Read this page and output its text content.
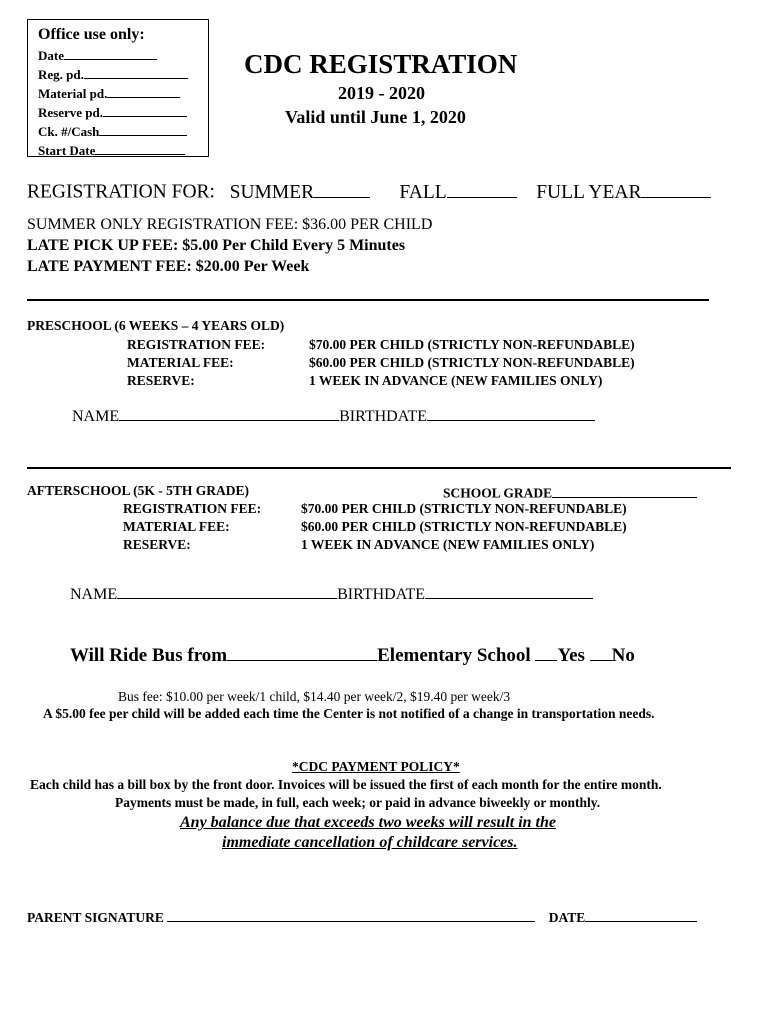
Office use only:
Date
Reg. pd.
Material pd.
Reserve pd.
Ck. #/Cash
Start Date
CDC REGISTRATION
2019 - 2020
Valid until June 1, 2020
REGISTRATION FOR: SUMMER	FALL	FULL YEAR
SUMMER ONLY REGISTRATION FEE: $36.00 PER CHILD
LATE PICK UP FEE: $5.00 Per Child Every 5 Minutes
LATE PAYMENT FEE: $20.00 Per Week
PRESCHOOL (6 WEEKS – 4 YEARS OLD)
REGISTRATION FEE:	$70.00 PER CHILD (STRICTLY NON-REFUNDABLE)
MATERIAL FEE:	$60.00 PER CHILD (STRICTLY NON-REFUNDABLE)
RESERVE:	1 WEEK IN ADVANCE (NEW FAMILIES ONLY)
NAME	BIRTHDATE
AFTERSCHOOL (5K - 5TH GRADE)	SCHOOL GRADE
REGISTRATION FEE:	$70.00 PER CHILD (STRICTLY NON-REFUNDABLE)
MATERIAL FEE:	$60.00 PER CHILD (STRICTLY NON-REFUNDABLE)
RESERVE:	1 WEEK IN ADVANCE (NEW FAMILIES ONLY)
NAME	BIRTHDATE
Will Ride Bus from	Elementary School Yes No
Bus fee: $10.00 per week/1 child, $14.40 per week/2, $19.40 per week/3
A $5.00 fee per child will be added each time the Center is not notified of a change in transportation needs.
*CDC PAYMENT POLICY*
Each child has a bill box by the front door. Invoices will be issued the first of each month for the entire month.
Payments must be made, in full, each week; or paid in advance biweekly or monthly.
Any balance due that exceeds two weeks will result in the
immediate cancellation of childcare services.
PARENT SIGNATURE	DATE
